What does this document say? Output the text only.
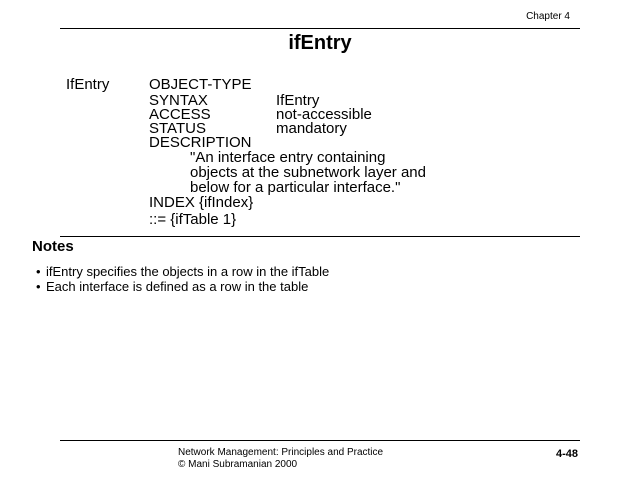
Chapter 4
ifEntry
IfEntry	OBJECT-TYPE
SYNTAX	IfEntry
ACCESS	not-accessible
STATUS	mandatory
DESCRIPTION
"An interface entry containing
objects at the subnetwork layer and
below for a particular interface."
INDEX {ifIndex}
::= {ifTable 1}
Notes
• ifEntry specifies the objects in a row in the ifTable
• Each interface is defined as a row in the table
Network Management: Principles and Practice
© Mani Subramanian 2000
4-48
